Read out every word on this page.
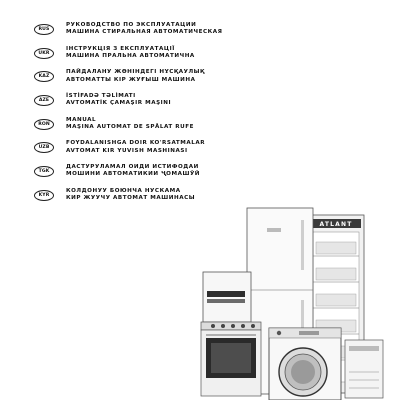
RUS
РУКОВОДСТВО ПО ЭКСПЛУАТАЦИИ
МАШИНА СТИРАЛЬНАЯ АВТОМАТИЧЕСКАЯ
UKR
ІНСТРУКЦІЯ З ЕКСПЛУАТАЦІЇ
МАШИНА ПРАЛЬНА АВТОМАТИЧНА
KAZ
ПАЙДАЛАНУ ЖӨНІНДЕГІ НҰСҚАУЛЫҚ
АВТОМАТТЫ КІР ЖУҒЫШ МАШИНА
AZE
İSTİFADƏ TƏLİMATI
AVTOMATİK ÇAMAŞIR MAŞINI
RON
MANUAL
MAŞINA AUTOMAT DE SPĂLAT RUFE
UZB
FOYDALANISHGA DOIR KO'RSATMALAR
AVTOMAT KIR YUVISH MASHINASI
TGK
ДАСТУРУЛАМАЛ ОИДИ ИСТИФОДАИ
МОШИНИ АВТОМАТИКИИ ҶОМАШӮӢ
KYR
КОЛДОНУУ БОЮНЧА НУСКАМА
КИР ЖУУЧУ АВТОМАТ МАШИНАСЫ
ATLANT
